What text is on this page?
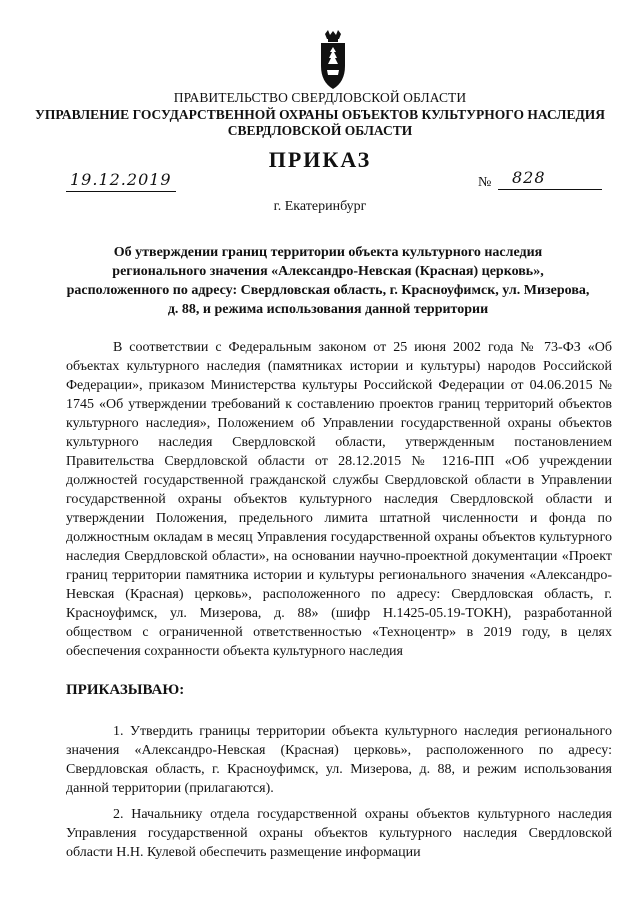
ПРАВИТЕЛЬСТВО СВЕРДЛОВСКОЙ ОБЛАСТИ
УПРАВЛЕНИЕ ГОСУДАРСТВЕННОЙ ОХРАНЫ ОБЪЕКТОВ КУЛЬТУРНОГО НАСЛЕДИЯ
СВЕРДЛОВСКОЙ ОБЛАСТИ
ПРИКАЗ
19.12.2019	№ 828
г. Екатеринбург
Об утверждении границ территории объекта культурного наследия регионального значения «Александро-Невская (Красная) церковь», расположенного по адресу: Свердловская область, г. Красноуфимск, ул. Мизерова, д. 88, и режима использования данной территории
В соответствии с Федеральным законом от 25 июня 2002 года № 73-ФЗ «Об объектах культурного наследия (памятниках истории и культуры) народов Российской Федерации», приказом Министерства культуры Российской Федерации от 04.06.2015 № 1745 «Об утверждении требований к составлению проектов границ территорий объектов культурного наследия», Положением об Управлении государственной охраны объектов культурного наследия Свердловской области, утвержденным постановлением Правительства Свердловской области от 28.12.2015 № 1216-ПП «Об учреждении должностей государственной гражданской службы Свердловской области в Управлении государственной охраны объектов культурного наследия Свердловской области и утверждении Положения, предельного лимита штатной численности и фонда по должностным окладам в месяц Управления государственной охраны объектов культурного наследия Свердловской области», на основании научно-проектной документации «Проект границ территории памятника истории и культуры регионального значения «Александро-Невская (Красная) церковь», расположенного по адресу: Свердловская область, г. Красноуфимск, ул. Мизерова, д. 88» (шифр Н.1425-05.19-ТОКН), разработанной обществом с ограниченной ответственностью «Техноцентр» в 2019 году, в целях обеспечения сохранности объекта культурного наследия
ПРИКАЗЫВАЮ:
1. Утвердить границы территории объекта культурного наследия регионального значения «Александро-Невская (Красная) церковь», расположенного по адресу: Свердловская область, г. Красноуфимск, ул. Мизерова, д. 88, и режим использования данной территории (прилагаются).
2. Начальнику отдела государственной охраны объектов культурного наследия Управления государственной охраны объектов культурного наследия Свердловской области Н.Н. Кулевой обеспечить размещение информации
